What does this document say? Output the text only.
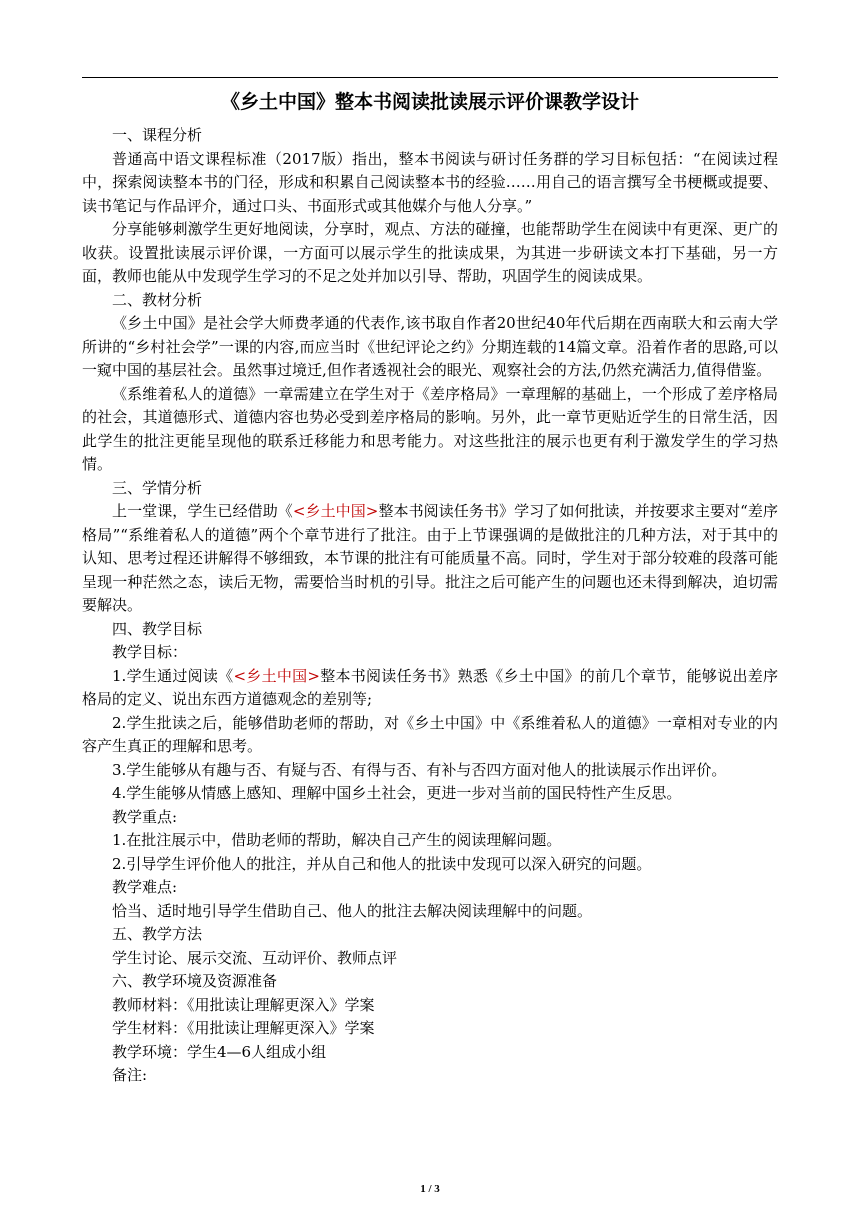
《乡土中国》整本书阅读批读展示评价课教学设计

一、课程分析

普通高中语文课程标准（2017版）指出，整本书阅读与研讨任务群的学习目标包括：“在阅读过程中，探索阅读整本书的门径，形成和积累自己阅读整本书的经验……用自己的语言撰写全书梗概或提要、读书笔记与作品评介，通过口头、书面形式或其他媒介与他人分享。”

分享能够刺激学生更好地阅读，分享时，观点、方法的碰撞，也能帮助学生在阅读中有更深、更广的收获。设置批读展示评价课，一方面可以展示学生的批读成果，为其进一步研读文本打下基础，另一方面，教师也能从中发现学生学习的不足之处并加以引导、帮助，巩固学生的阅读成果。

二、教材分析

《乡土中国》是社会学大师费孝通的代表作,该书取自作者20世纪40年代后期在西南联大和云南大学所讲的“乡村社会学”一课的内容,而应当时《世纪评论之约》分期连载的14篇文章。沿着作者的思路,可以一窥中国的基层社会。虽然事过境迁,但作者透视社会的眼光、观察社会的方法,仍然充满活力,值得借鉴。

《系维着私人的道德》一章需建立在学生对于《差序格局》一章理解的基础上，一个形成了差序格局的社会，其道德形式、道德内容也势必受到差序格局的影响。另外，此一章节更贴近学生的日常生活，因此学生的批注更能呈现他的联系迁移能力和思考能力。对这些批注的展示也更有利于激发学生的学习热情。

三、学情分析

上一堂课，学生已经借助《<乡土中国>整本书阅读任务书》学习了如何批读，并按要求主要对“差序格局”“系维着私人的道德”两个个章节进行了批注。由于上节课强调的是做批注的几种方法，对于其中的认知、思考过程还讲解得不够细致，本节课的批注有可能质量不高。同时，学生对于部分较难的段落可能呈现一种茫然之态，读后无物，需要恰当时机的引导。批注之后可能产生的问题也还未得到解决，迫切需要解决。

四、教学目标

教学目标：

1.学生通过阅读《<乡土中国>整本书阅读任务书》熟悉《乡土中国》的前几个章节，能够说出差序格局的定义、说出东西方道德观念的差别等;

2.学生批读之后，能够借助老师的帮助，对《乡土中国》中《系维着私人的道德》一章相对专业的内容产生真正的理解和思考。

3.学生能够从有趣与否、有疑与否、有得与否、有补与否四方面对他人的批读展示作出评价。

4.学生能够从情感上感知、理解中国乡土社会，更进一步对当前的国民特性产生反思。

教学重点:

1.在批注展示中，借助老师的帮助，解决自己产生的阅读理解问题。

2.引导学生评价他人的批注，并从自己和他人的批读中发现可以深入研究的问题。

教学难点:

恰当、适时地引导学生借助自己、他人的批注去解决阅读理解中的问题。

五、教学方法

学生讨论、展示交流、互动评价、教师点评

六、教学环境及资源准备

教师材料：《用批读让理解更深入》学案

学生材料：《用批读让理解更深入》学案

教学环境：学生4—6人组成小组

备注:

1 / 3
